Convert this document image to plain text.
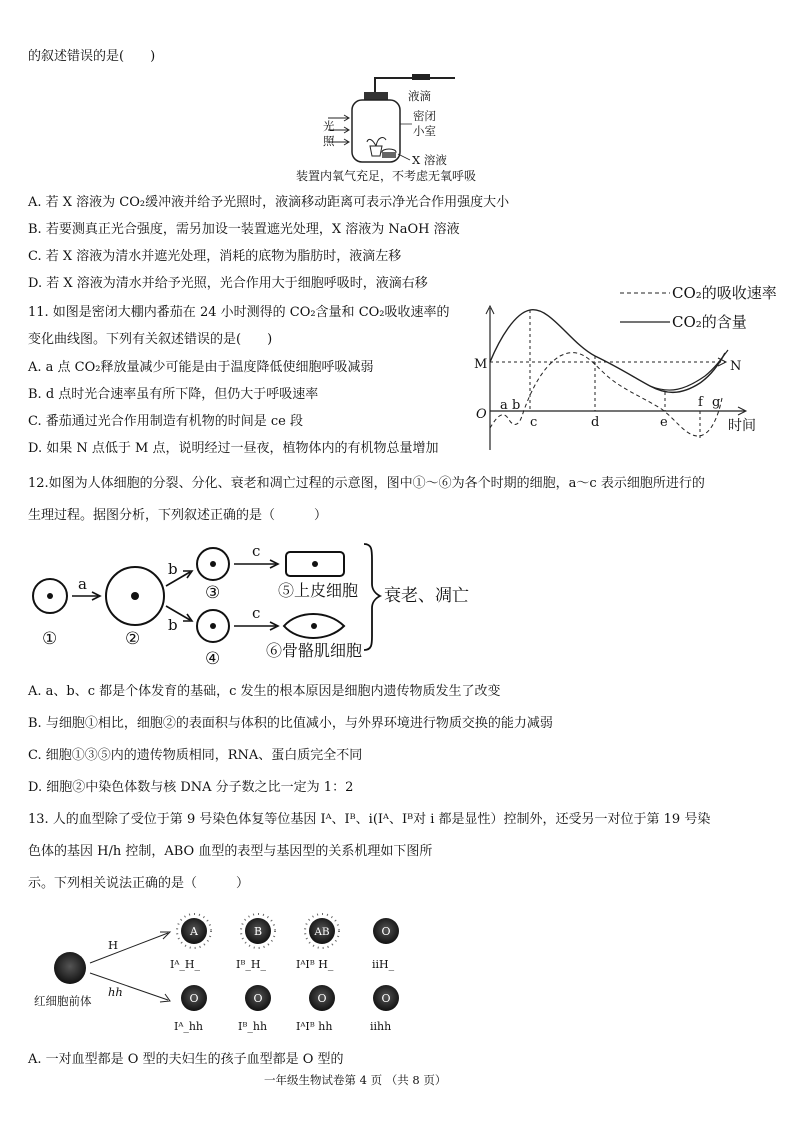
的叙述错误的是(　　)
液滴
密闭
小室
光
照
X 溶液
装置内氧气充足，不考虑无氧呼吸
A. 若 X 溶液为 CO₂缓冲液并给予光照时，液滴移动距离可表示净光合作用强度大小
B. 若要测真正光合强度，需另加设一装置遮光处理，X 溶液为 NaOH 溶液
C. 若 X 溶液为清水并遮光处理，消耗的底物为脂肪时，液滴左移
D. 若 X 溶液为清水并给予光照，光合作用大于细胞呼吸时，液滴右移
11. 如图是密闭大棚内番茄在 24 小时测得的 CO₂含量和 CO₂吸收速率的
变化曲线图。下列有关叙述错误的是(　　)
A. a 点 CO₂释放量减少可能是由于温度降低使细胞呼吸减弱
B. d 点时光合速率虽有所下降，但仍大于呼吸速率
C. 番茄通过光合作用制造有机物的时间是 ce 段
D. 如果 N 点低于 M 点，说明经过一昼夜，植物体内的有机物总量增加
CO₂的吸收速率
CO₂的含量
M	N
O
时间
a b
c	d	e
f g
12.如图为人体细胞的分裂、分化、衰老和凋亡过程的示意图，图中①～⑥为各个时期的细胞，a～c 表示细胞所进行的
生理过程。据图分析，下列叙述正确的是（　　　）
①
a
②
b
b
③
④
c
c
⑤上皮细胞
⑥骨骼肌细胞
衰老、凋亡
A. a、b、c 都是个体发育的基础，c 发生的根本原因是细胞内遗传物质发生了改变
B. 与细胞①相比，细胞②的表面积与体积的比值减小，与外界环境进行物质交换的能力减弱
C. 细胞①③⑤内的遗传物质相同，RNA、蛋白质完全不同
D. 细胞②中染色体数与核 DNA 分子数之比一定为 1：2
13. 人的血型除了受位于第 9 号染色体复等位基因 Iᴬ、Iᴮ、i(Iᴬ、Iᴮ对 i 都是显性）控制外，还受另一对位于第 19 号染
色体的基因 H/h 控制，ABO 血型的表型与基因型的关系机理如下图所
示。下列相关说法正确的是（　　　）
红细胞前体
H
hh
A
Iᴬ_H_
B
Iᴮ_H_
AB
IᴬIᴮ H_
O
iiH_
O
Iᴬ_hh
O
Iᴮ_hh
O
IᴬIᴮ hh
O
iihh
A. 一对血型都是 O 型的夫妇生的孩子血型都是 O 型的
一年级生物试卷第 4 页 （共 8 页）
